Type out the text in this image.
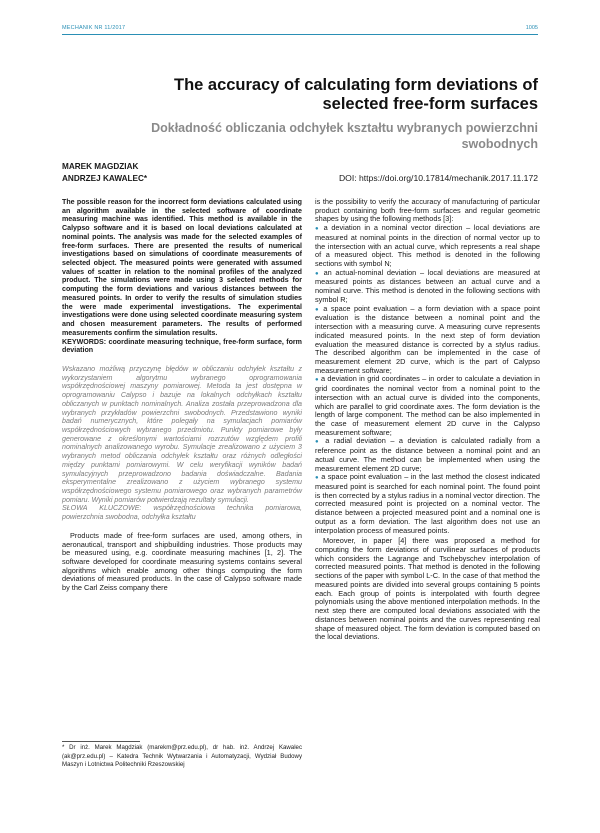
MECHANIK NR 11/2017	1005
The accuracy of calculating form deviations of selected free-form surfaces
Dokładność obliczania odchyłek kształtu wybranych powierzchni swobodnych
MAREK MAGDZIAK
ANDRZEJ KAWALEC*	DOI: https://doi.org/10.17814/mechanik.2017.11.172

The possible reason for the incorrect form deviations calculated using an algorithm available in the selected software of coordinate measuring machine was identified. This method is available in the Calypso software and it is based on local deviations calculated at nominal points. The analysis was made for the selected examples of free-form surfaces. There are presented the results of numerical investigations based on simulations of coordinate measurements of selected object. The measured points were generated with assumed values of scatter in relation to the nominal profiles of the analyzed product. The simulations were made using 3 selected methods for computing the form deviations and various distances between the measured points. In order to verify the results of simulation studies the were made experimental investigations. The experimental investigations were done using selected coordinate measuring system and chosen measurement parameters. The results of performed measurements confirm the simulation results.

KEYWORDS: coordinate measuring technique, free-form surface, form deviation

Wskazano możliwą przyczynę błędów w obliczaniu odchyłek kształtu z wykorzystaniem algorytmu wybranego oprogramowania współrzędnościowej maszyny pomiarowej. Metoda ta jest dostępna w oprogramowaniu Calypso i bazuje na lokalnych odchyłkach kształtu obliczanych w punktach nominalnych. Analiza została przeprowadzona dla wybranych przykładów powierzchni swobodnych. Przedstawiono wyniki badań numerycznych, które polegały na symulacjach pomiarów współrzędnościowych wybranego przedmiotu. Punkty pomiarowe były generowane z określonymi wartościami rozrzutów względem profili nominalnych analizowanego wyrobu. Symulacje zrealizowano z użyciem 3 wybranych metod obliczania odchyłek kształtu oraz różnych odległości między punktami pomiarowymi. W celu weryfikacji wyników badań symulacyjnych przeprowadzono badania doświadczalne. Badania eksperymentalne zrealizowano z użyciem wybranego systemu współrzędnościowego systemu pomiarowego oraz wybranych parametrów pomiaru. Wyniki pomiarów potwierdzają rezultaty symulacji.

SŁOWA KLUCZOWE: współrzędnościowa technika pomiarowa, powierzchnia swobodna, odchyłka kształtu

Products made of free-form surfaces are used, among others, in aeronautical, transport and shipbuilding industries. Those products may be measured using, e.g. coordinate measuring machines [1, 2]. The software developed for coordinate measuring systems contains several algorithms which enable among other things computing the form deviations of measured products. In the case of Calypso software made by the Carl Zeiss company there

* Dr inż. Marek Magdziak (marekm@prz.edu.pl), dr hab. inż. Andrzej Kawalec (ak@prz.edu.pl) – Katedra Technik Wytwarzania i Automatyzacji, Wydział Budowy Maszyn i Lotnictwa Politechniki Rzeszowskiej

is the possibility to verify the accuracy of manufacturing of particular product containing both free-form surfaces and regular geometric shapes by using the following methods [3]:

● a deviation in a nominal vector direction – local deviations are measured at nominal points in the direction of normal vector up to the intersection with an actual curve, which represents a real shape of a measured object. This method is denoted in the following sections with symbol N;

● an actual-nominal deviation – local deviations are measured at measured points as distances between an actual curve and a nominal curve. This method is denoted in the following sections with symbol R;

● a space point evaluation – a form deviation with a space point evaluation is the distance between a nominal point and the intersection with a measuring curve. A measuring curve represents indicated measured points. In the next step of form deviation evaluation the measured distance is corrected by a stylus radius. The described algorithm can be implemented in the case of measurement element 2D curve, which is the part of Calypso measurement software;

● a deviation in grid coordinates – in order to calculate a deviation in grid coordinates the nominal vector from a nominal point to the intersection with an actual curve is divided into the components, which are parallel to grid coordinate axes. The form deviation is the length of large component. The method can be also implemented in the case of measurement element 2D curve in the Calypso measurement software;

● a radial deviation – a deviation is calculated radially from a reference point as the distance between a nominal point and an actual curve. The method can be implemented when using the measurement element 2D curve;

● a space point evaluation – in the last method the closest indicated measured point is searched for each nominal point. The found point is then corrected by a stylus radius in a nominal vector direction. The corrected measured point is projected on a nominal vector. The distance between a projected measured point and a nominal one is output as a form deviation. The last algorithm does not use an interpolation process of measured points.

Moreover, in paper [4] there was proposed a method for computing the form deviations of curvilinear surfaces of products which considers the Lagrange and Tschebyschev interpolation of corrected measured points. That method is denoted in the following sections of the paper with symbol L-C. In the case of that method the measured points are divided into several groups containing 5 points each. Each group of points is interpolated with fourth degree polynomials using the above mentioned interpolation methods. In the next step there are computed local deviations associated with the distances between nominal points and the curves representing real shape of measured object. The form deviation is computed based on the local deviations.
